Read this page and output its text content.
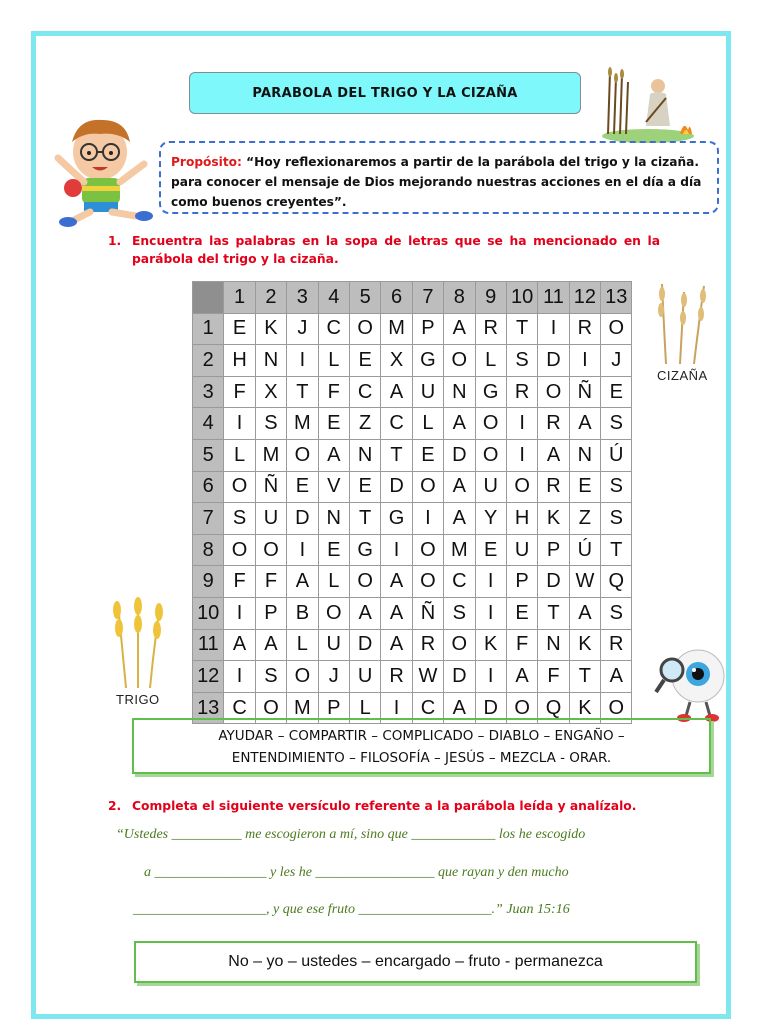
CIZAÑA
TRIGO
PARABOLA DEL TRIGO Y LA CIZAÑA
Propósito: “Hoy reflexionaremos a partir de la parábola del trigo y la cizaña. para conocer el mensaje de Dios mejorando nuestras acciones en el día a día como buenos creyentes”.
1. Encuentra las palabras en la sopa de letras que se ha mencionado en la
parábola del trigo y la cizaña.
	1	2	3	4	5	6	7	8	9	10	11	12	13
1	E	K	J	C	O	M	P	A	R	T	I	R	O
2	H	N	I	L	E	X	G	O	L	S	D	I	J
3	F	X	T	F	C	A	U	N	G	R	O	Ñ	E
4	I	S	M	E	Z	C	L	A	O	I	R	A	S
5	L	M	O	A	N	T	E	D	O	I	A	N	Ú
6	O	Ñ	E	V	E	D	O	A	U	O	R	E	S
7	S	U	D	N	T	G	I	A	Y	H	K	Z	S
8	O	O	I	E	G	I	O	M	E	U	P	Ú	T
9	F	F	A	L	O	A	O	C	I	P	D	W	Q
10	I	P	B	O	A	A	Ñ	S	I	E	T	A	S
11	A	A	L	U	D	A	R	O	K	F	N	K	R
12	I	S	O	J	U	R	W	D	I	A	F	T	A
13	C	O	M	P	L	I	C	A	D	O	Q	K	O
AYUDAR – COMPARTIR – COMPLICADO – DIABLO – ENGAÑO –
ENTENDIMIENTO – FILOSOFÍA – JESÚS – MEZCLA - ORAR.
2. Completa el siguiente versículo referente a la parábola leída y analízalo.
“Ustedes __________ me escogieron a mí, sino que ____________ los he escogido
a ________________ y les he _________________ que rayan y den mucho
___________________, y que ese fruto ___________________.” Juan 15:16
No – yo – ustedes – encargado – fruto - permanezca
